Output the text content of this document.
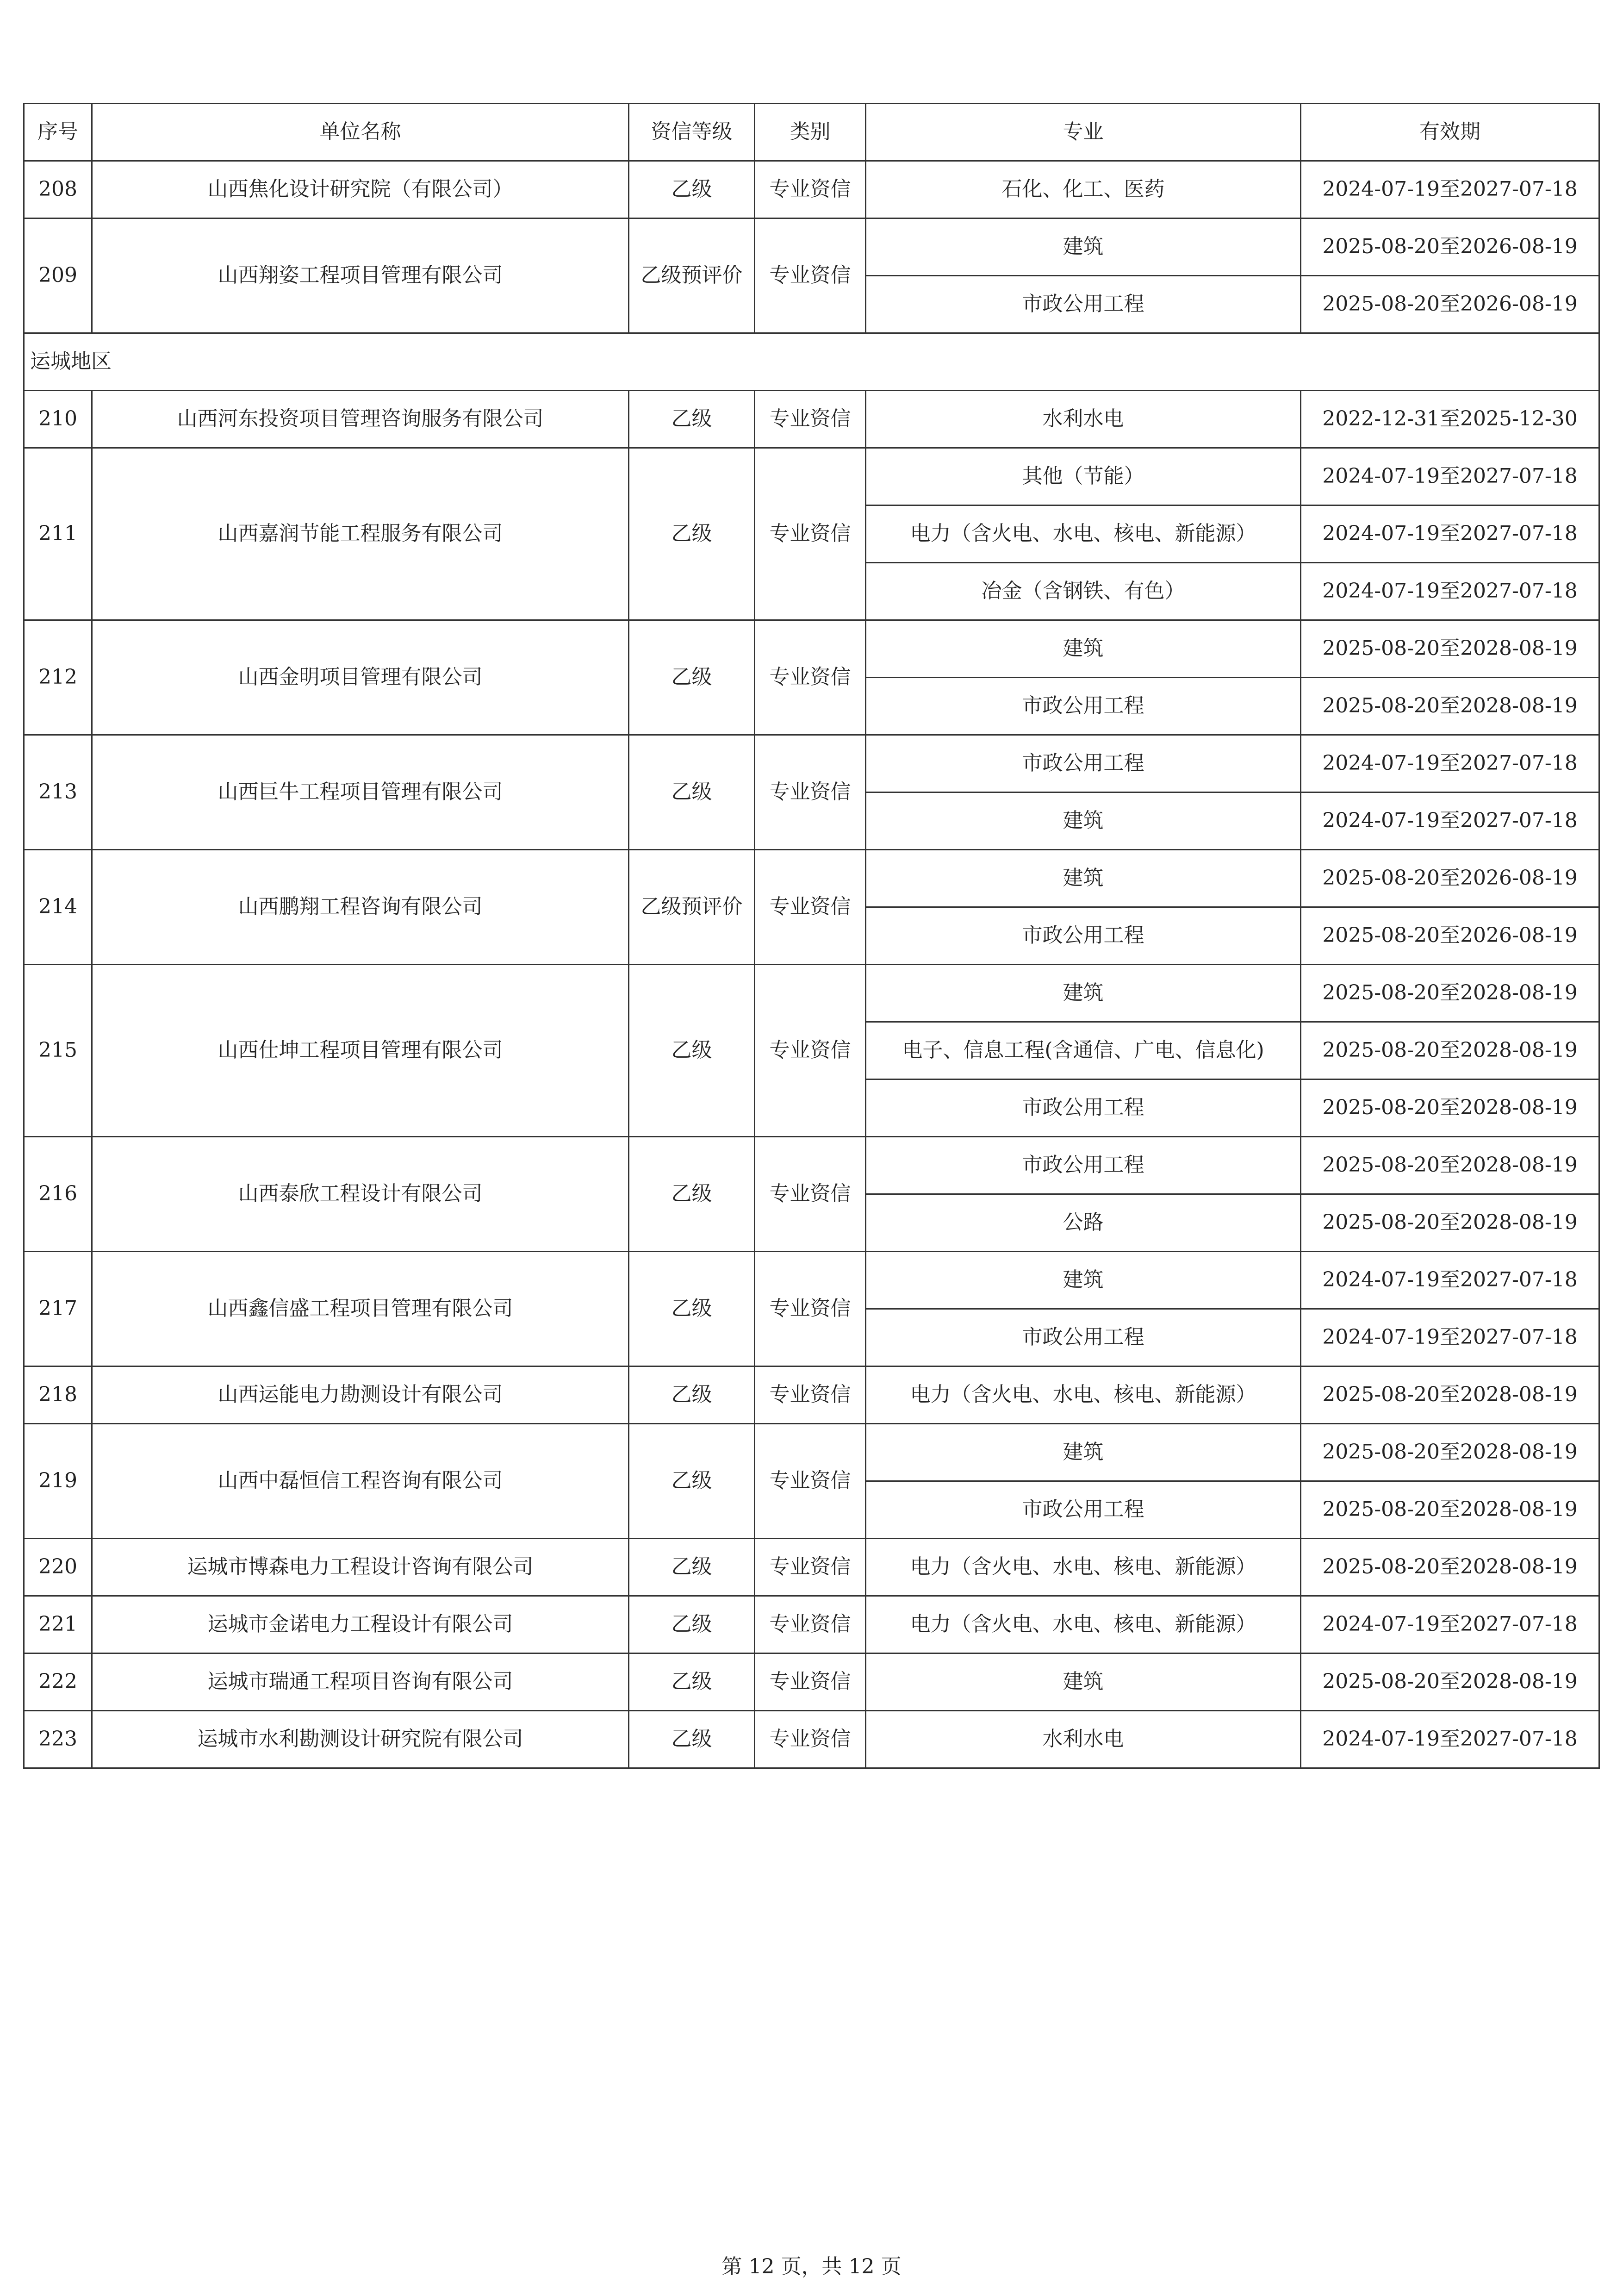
序号	单位名称	资信等级	类别	专业	有效期
208	山西焦化设计研究院（有限公司）	乙级	专业资信	石化、化工、医药	2024-07-19至2027-07-18
209	山西翔姿工程项目管理有限公司	乙级预评价	专业资信	建筑	2025-08-20至2026-08-19
				市政公用工程	2025-08-20至2026-08-19
运城地区					
210	山西河东投资项目管理咨询服务有限公司	乙级	专业资信	水利水电	2022-12-31至2025-12-30
211	山西嘉润节能工程服务有限公司	乙级	专业资信	其他（节能）	2024-07-19至2027-07-18
				电力（含火电、水电、核电、新能源）	2024-07-19至2027-07-18
				冶金（含钢铁、有色）	2024-07-19至2027-07-18
212	山西金明项目管理有限公司	乙级	专业资信	建筑	2025-08-20至2028-08-19
				市政公用工程	2025-08-20至2028-08-19
213	山西巨牛工程项目管理有限公司	乙级	专业资信	市政公用工程	2024-07-19至2027-07-18
				建筑	2024-07-19至2027-07-18
214	山西鹏翔工程咨询有限公司	乙级预评价	专业资信	建筑	2025-08-20至2026-08-19
				市政公用工程	2025-08-20至2026-08-19
215	山西仕坤工程项目管理有限公司	乙级	专业资信	建筑	2025-08-20至2028-08-19
				电子、信息工程(含通信、广电、信息化)	2025-08-20至2028-08-19
				市政公用工程	2025-08-20至2028-08-19
216	山西泰欣工程设计有限公司	乙级	专业资信	市政公用工程	2025-08-20至2028-08-19
				公路	2025-08-20至2028-08-19
217	山西鑫信盛工程项目管理有限公司	乙级	专业资信	建筑	2024-07-19至2027-07-18
				市政公用工程	2024-07-19至2027-07-18
218	山西运能电力勘测设计有限公司	乙级	专业资信	电力（含火电、水电、核电、新能源）	2025-08-20至2028-08-19
219	山西中磊恒信工程咨询有限公司	乙级	专业资信	建筑	2025-08-20至2028-08-19
				市政公用工程	2025-08-20至2028-08-19
220	运城市博森电力工程设计咨询有限公司	乙级	专业资信	电力（含火电、水电、核电、新能源）	2025-08-20至2028-08-19
221	运城市金诺电力工程设计有限公司	乙级	专业资信	电力（含火电、水电、核电、新能源）	2024-07-19至2027-07-18
222	运城市瑞通工程项目咨询有限公司	乙级	专业资信	建筑	2025-08-20至2028-08-19
223	运城市水利勘测设计研究院有限公司	乙级	专业资信	水利水电	2024-07-19至2027-07-18
第 12 页，共 12 页
